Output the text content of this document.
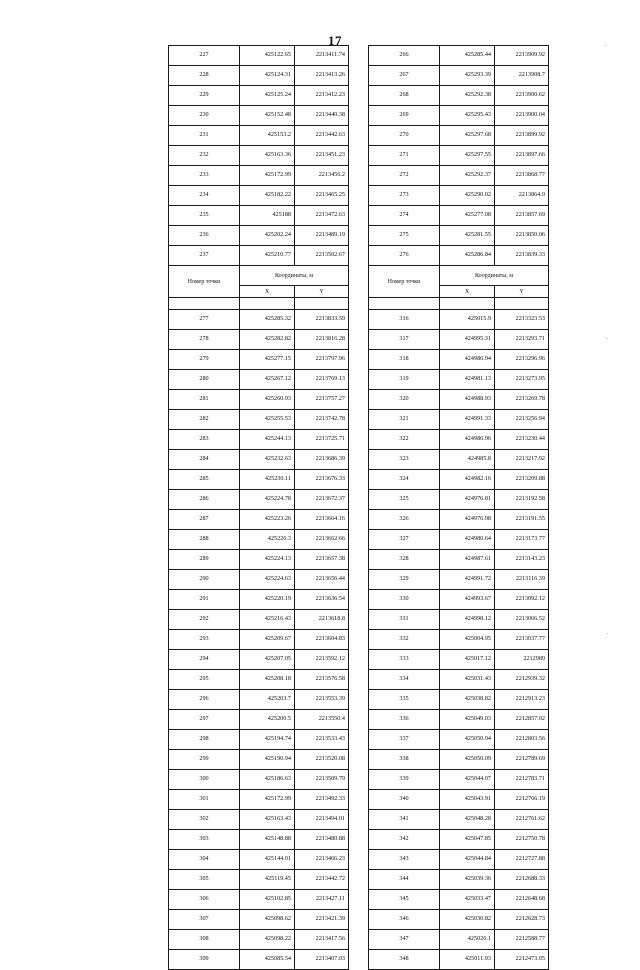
17
227	425122.65	2213411.74
228	425124.31	2213413.26
229	425125.24	2213412.23
230	425152.48	2213440.38
231	425153.2	2213442.63
232	425163.36	2213451.23
233	425172.99	2213456.2
234	425182.22	2213465.25
235	425188	2213472.63
236	425202.24	2213489.19
237	425210.77	2213502.67
Номер точки	Координаты, м	
	X	Y

277	425285.32	2213833.59
278	425282.82	2213816.28
279	425277.15	2213797.96
280	425267.12	2213769.13
281	425260.93	2213757.27
282	425255.53	2213742.78
283	425244.13	2213725.71
284	425232.63	2213686.39
285	425230.11	2213676.33
286	425224.78	2213672.37
287	425223.26	2213664.16
288	425226.3	2213662.66
289	425224.13	2213657.38
290	425224.63	2213656.44
291	425220.19	2213636.54
292	425216.43	2213618.8
293	425209.67	2213604.83
294	425207.05	2213592.12
295	425208.18	2213576.58
296	425203.7	2213553.39
297	425200.5	2213550.4
298	425194.74	2213533.43
299	425190.94	2213520.08
300	425186.63	2213509.79
301	425172.99	2213492.33
302	425163.43	2213494.01
303	425148.88	2213480.88
304	425144.01	2213466.23
305	425119.45	2213442.72
306	425102.85	2213427.11
307	425098.62	2213421.39
308	425098.22	2213417.56
309	425085.54	2213407.03
266	425285.44	2213909.92
267	425293.39	2213908.7
268	425292.38	2213900.62
269	425295.43	2213900.04
270	425297.68	2213899.92
271	425297.55	2213897.66
272	425292.37	2213868.77
273	425290.02	2213864.9
274	425277.08	2213857.69
275	425281.55	2213850.06
276	425286.84	2213839.33
Номер точки	Координаты, м	
	X	Y

316	425015.9	2213323.53
317	424995.31	2213293.71
318	424986.94	2213296.96
319	424981.13	2213273.95
320	424988.93	2213269.78
321	424991.33	2213256.94
322	424986.96	2213230.44
323	424985.8	2213217.92
324	424982.16	2213209.88
325	424976.81	2213192.58
326	424976.98	2213191.55
327	424980.64	2213173.77
328	424987.61	2213143.23
329	424991.72	2213116.39
330	424993.67	2213092.12
331	424998.12	2213066.52
332	425004.95	2213037.77
333	425017.12	2212989
334	425031.43	2212939.32
335	425038.82	2212913.23
336	425049.03	2212857.02
337	425050.94	2212803.56
338	425050.09	2212789.69
339	425044.07	2212783.71
340	425043.91	2212766.19
341	425048.28	2212761.62
342	425047.85	2212750.78
343	425044.84	2212727.88
344	425039.36	2212688.33
345	425033.47	2212648.68
346	425030.82	2212628.73
347	425026.1	2212588.77
348	425011.93	2212473.05
·
·
·
